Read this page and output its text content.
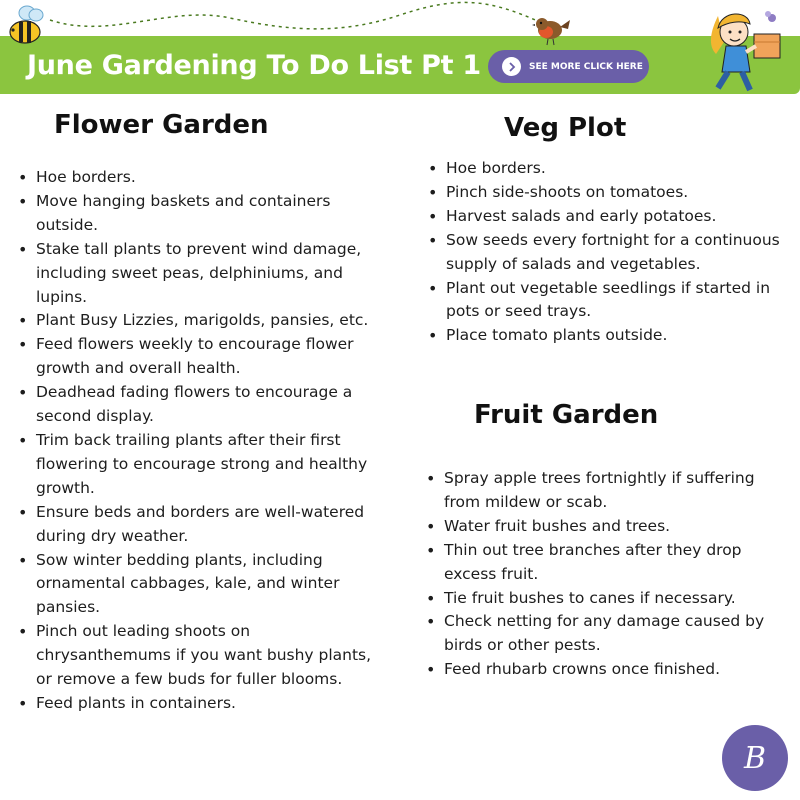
June Gardening To Do List Pt 1	SEE MORE CLICK HERE
Flower Garden
• Hoe borders.
• Move hanging baskets and containers outside.
• Stake tall plants to prevent wind damage, including sweet peas, delphiniums, and lupins.
• Plant Busy Lizzies, marigolds, pansies, etc.
• Feed flowers weekly to encourage flower growth and overall health.
• Deadhead fading flowers to encourage a second display.
• Trim back trailing plants after their first flowering to encourage strong and healthy growth.
• Ensure beds and borders are well-watered during dry weather.
• Sow winter bedding plants, including ornamental cabbages, kale, and winter pansies.
• Pinch out leading shoots on chrysanthemums if you want bushy plants, or remove a few buds for fuller blooms.
• Feed plants in containers.
Veg Plot
• Hoe borders.
• Pinch side-shoots on tomatoes.
• Harvest salads and early potatoes.
• Sow seeds every fortnight for a continuous supply of salads and vegetables.
• Plant out vegetable seedlings if started in pots or seed trays.
• Place tomato plants outside.
Fruit Garden
• Spray apple trees fortnightly if suffering from mildew or scab.
• Water fruit bushes and trees.
• Thin out tree branches after they drop excess fruit.
• Tie fruit bushes to canes if necessary.
• Check netting for any damage caused by birds or other pests.
• Feed rhubarb crowns once finished.
B
